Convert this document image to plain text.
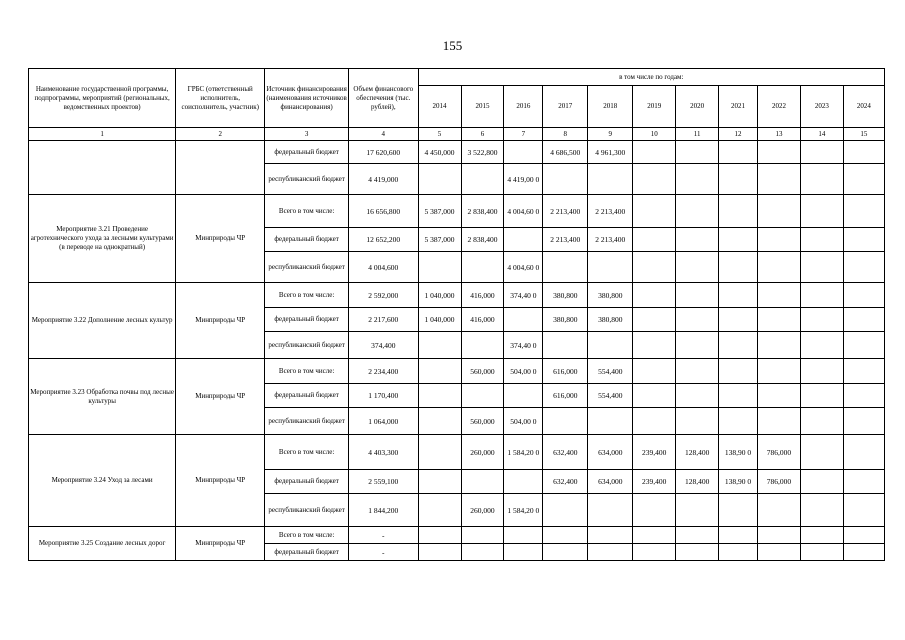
155
Наименование государственной программы, подпрограммы, мероприятий (региональных, ведомственных проектов)	ГРБС (ответственный исполнитель, соисполнитель, участник)	Источник финансирования (наименования источников финансирования)	Объем финансового обеспечения (тыс. рублей),	в том числе по годам:										
				2014	2015	2016	2017	2018	2019	2020	2021	2022	2023	2024
1	2	3	4	5	6	7	8	9	10	11	12	13	14	15
		федеральный бюджет	17 620,600	4 450,000	3 522,800		4 686,500	4 961,300						
		республиканский бюджет	4 419,000			4 419,00 0								
Мероприятие 3.21 Проведение агротехнического ухода за лесными культурами (в переводе на однократный)	Минприроды ЧР	Всего в том числе:	16 656,800	5 387,000	2 838,400	4 004,60 0	2 213,400	2 213,400						
		федеральный бюджет	12 652,200	5 387,000	2 838,400		2 213,400	2 213,400						
		республиканский бюджет	4 004,600			4 004,60 0								
Мероприятие 3.22 Дополнение лесных культур	Минприроды ЧР	Всего в том числе:	2 592,000	1 040,000	416,000	374,40 0	380,800	380,800						
		федеральный бюджет	2 217,600	1 040,000	416,000		380,800	380,800						
		республиканский бюджет	374,400			374,40 0								
Мероприятие 3.23 Обработка почвы под лесные культуры	Минприроды ЧР	Всего в том числе:	2 234,400		560,000	504,00 0	616,000	554,400						
		федеральный бюджет	1 170,400				616,000	554,400						
		республиканский бюджет	1 064,000		560,000	504,00 0								
Мероприятие 3.24 Уход за лесами	Минприроды ЧР	Всего в том числе:	4 403,300		260,000	1 584,20 0	632,400	634,000	239,400	128,400	138,90 0	786,000		
		федеральный бюджет	2 559,100				632,400	634,000	239,400	128,400	138,90 0	786,000		
		республиканский бюджет	1 844,200		260,000	1 584,20 0								
Мероприятие 3.25 Создание лесных дорог	Минприроды ЧР	Всего в том числе:	-											
		федеральный бюджет	-											
